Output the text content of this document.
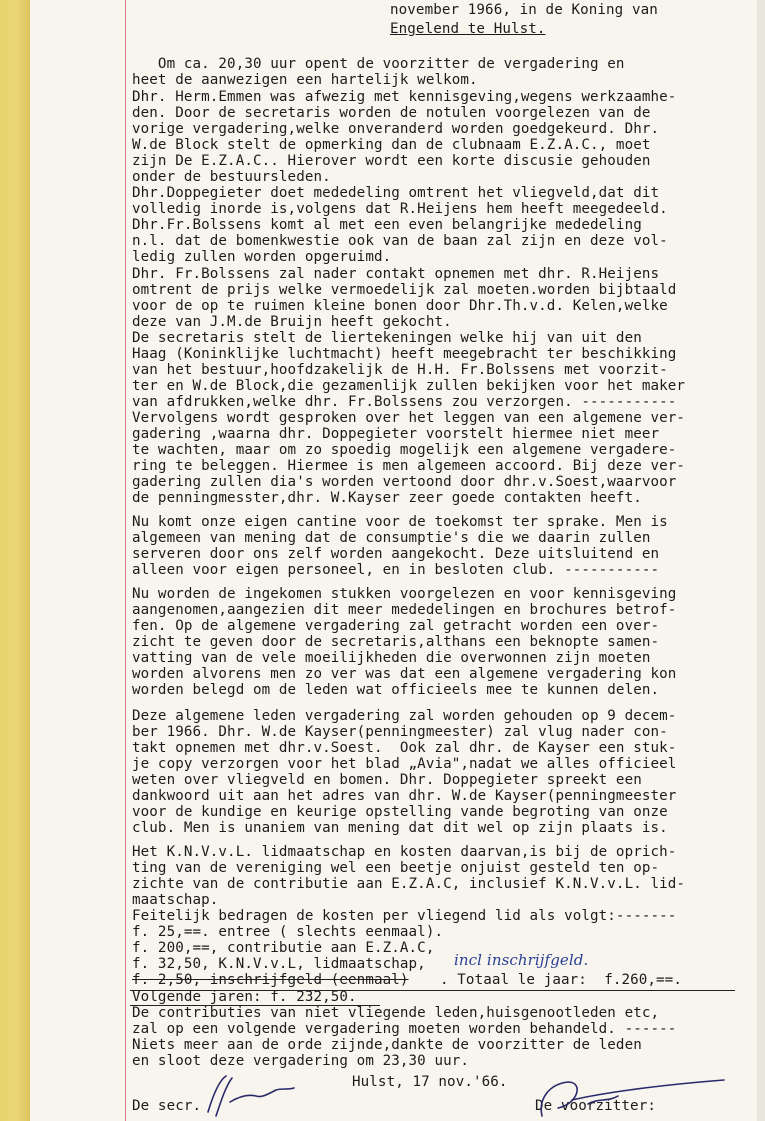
november 1966, in de Koning van
Engelend te Hulst.
Om ca. 20,30 uur opent de voorzitter de vergadering en
heet de aanwezigen een hartelijk welkom.
Dhr. Herm.Emmen was afwezig met kennisgeving,wegens werkzaamhe-
den. Door de secretaris worden de notulen voorgelezen van de
vorige vergadering,welke onveranderd worden goedgekeurd. Dhr.
W.de Block stelt de opmerking dan de clubnaam E.Z.A.C., moet
zijn De E.Z.A.C.. Hierover wordt een korte discusie gehouden
onder de bestuursleden.
Dhr.Doppegieter doet mededeling omtrent het vliegveld,dat dit
volledig inorde is,volgens dat R.Heijens hem heeft meegedeeld.
Dhr.Fr.Bolssens komt al met een even belangrijke mededeling
n.l. dat de bomenkwestie ook van de baan zal zijn en deze vol-
ledig zullen worden opgeruimd.
Dhr. Fr.Bolssens zal nader contakt opnemen met dhr. R.Heijens
omtrent de prijs welke vermoedelijk zal moeten.worden bijbtaald
voor de op te ruimen kleine bonen door Dhr.Th.v.d. Kelen,welke
deze van J.M.de Bruijn heeft gekocht.
De secretaris stelt de liertekeningen welke hij van uit den
Haag (Koninklijke luchtmacht) heeft meegebracht ter beschikking
van het bestuur,hoofdzakelijk de H.H. Fr.Bolssens met voorzit-
ter en W.de Block,die gezamenlijk zullen bekijken voor het maker
van afdrukken,welke dhr. Fr.Bolssens zou verzorgen. -----------
Vervolgens wordt gesproken over het leggen van een algemene ver-
gadering ,waarna dhr. Doppegieter voorstelt hiermee niet meer
te wachten, maar om zo spoedig mogelijk een algemene vergadere-
ring te beleggen. Hiermee is men algemeen accoord. Bij deze ver-
gadering zullen dia's worden vertoond door dhr.v.Soest,waarvoor
de penningmesster,dhr. W.Kayser zeer goede contakten heeft.
Nu komt onze eigen cantine voor de toekomst ter sprake. Men is
algemeen van mening dat de consumptie's die we daarin zullen
serveren door ons zelf worden aangekocht. Deze uitsluitend en
alleen voor eigen personeel, en in besloten club. -----------
Nu worden de ingekomen stukken voorgelezen en voor kennisgeving
aangenomen,aangezien dit meer mededelingen en brochures betrof-
fen. Op de algemene vergadering zal getracht worden een over-
zicht te geven door de secretaris,althans een beknopte samen-
vatting van de vele moeilijkheden die overwonnen zijn moeten
worden alvorens men zo ver was dat een algemene vergadering kon
worden belegd om de leden wat officieels mee te kunnen delen.
Deze algemene leden vergadering zal worden gehouden op 9 decem-
ber 1966. Dhr. W.de Kayser(penningmeester) zal vlug nader con-
takt opnemen met dhr.v.Soest.  Ook zal dhr. de Kayser een stuk-
je copy verzorgen voor het blad „Avia",nadat we alles officieel
weten over vliegveld en bomen. Dhr. Doppegieter spreekt een
dankwoord uit aan het adres van dhr. W.de Kayser(penningmeester
voor de kundige en keurige opstelling vande begroting van onze
club. Men is unaniem van mening dat dit wel op zijn plaats is.
Het K.N.V.v.L. lidmaatschap en kosten daarvan,is bij de oprich-
ting van de vereniging wel een beetje onjuist gesteld ten op-
zichte van de contributie aan E.Z.A.C, inclusief K.N.V.v.L. lid-
maatschap.
Feitelijk bedragen de kosten per vliegend lid als volgt:-------
f. 25,==. entree ( slechts eenmaal).
f. 200,==, contributie aan E.Z.A.C,
f. 32,50, K.N.V.v.L, lidmaatschap, incl inschrijfgeld.
f. 2,50, inschrijfgeld (eenmaal) . Totaal le jaar:  f.260,==.
Volgende jaren: f. 232,50.
De contributies van niet vliegende leden,huisgenootleden etc,
zal op een volgende vergadering moeten worden behandeld. ------
Niets meer aan de orde zijnde,dankte de voorzitter de leden
en sloot deze vergadering om 23,30 uur.
Hulst, 17 nov.'66.
De secr.	De voorzitter:
